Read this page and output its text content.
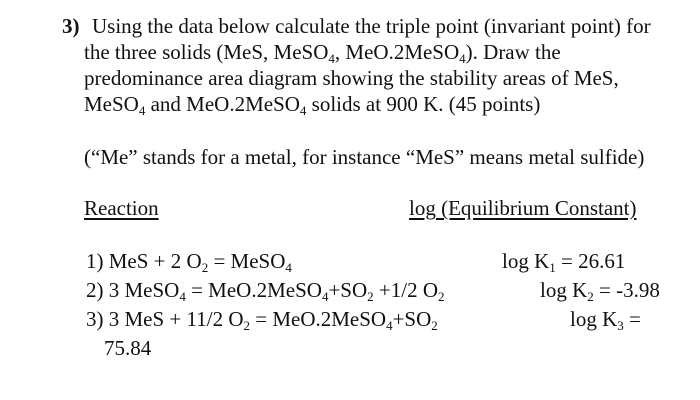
3) Using the data below calculate the triple point (invariant point) for
the three solids (MeS, MeSO$_4$, MeO.2MeSO$_4$). Draw the
predominance area diagram showing the stability areas of MeS,
MeSO$_4$ and MeO.2MeSO$_4$ solids at 900 K. (45 points)
(“Me” stands for a metal, for instance “MeS” means metal sulfide)
Reaction	log (Equilibrium Constant)
1) MeS + 2 $O_2$ = MeSO$_4$	$\log K_1 = 26.61$
2) 3 MeSO$_4$ = $MeO.2MeSO_4+SO_2 +1/2$ $O_2$	$\log K_2 = -3.98$
3) 3 MeS + 11/2 $O_2$ = $MeO.2MeSO_4+SO_2$	$\log K_3$ =
75.84
